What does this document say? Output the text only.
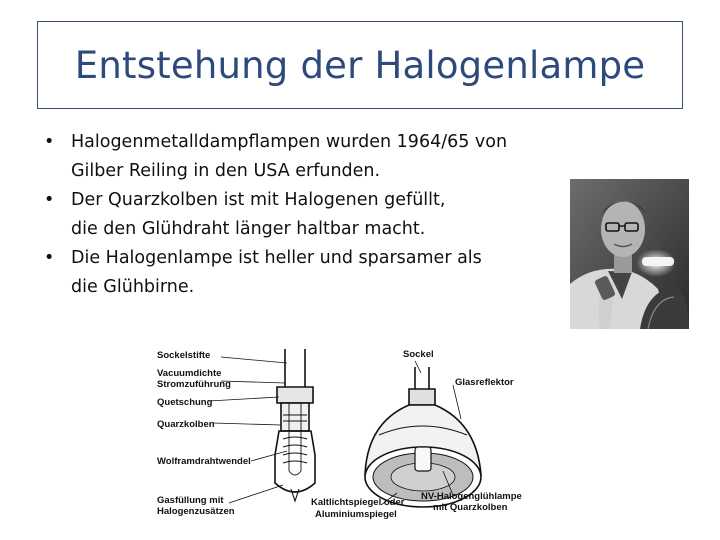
Entstehung der Halogenlampe
• Halogenmetalldampflampen wurden 1964/65 von
Gilber Reiling in den USA erfunden.
• Der Quarzkolben ist mit Halogenen gefüllt,
die den Glühdraht länger haltbar macht.
• Die Halogenlampe ist heller und sparsamer als
die Glühbirne.
Sockelstifte
Vacuumdichte
Stromzuführung
Quetschung
Quarzkolben
Wolframdrahtwendel
Gasfüllung mit
Halogenzusätzen
Sockel
Glasreflektor
Kaltlichtspiegel oder
Aluminiumspiegel
NV-Halogenglühlampe
mit Quarzkolben
